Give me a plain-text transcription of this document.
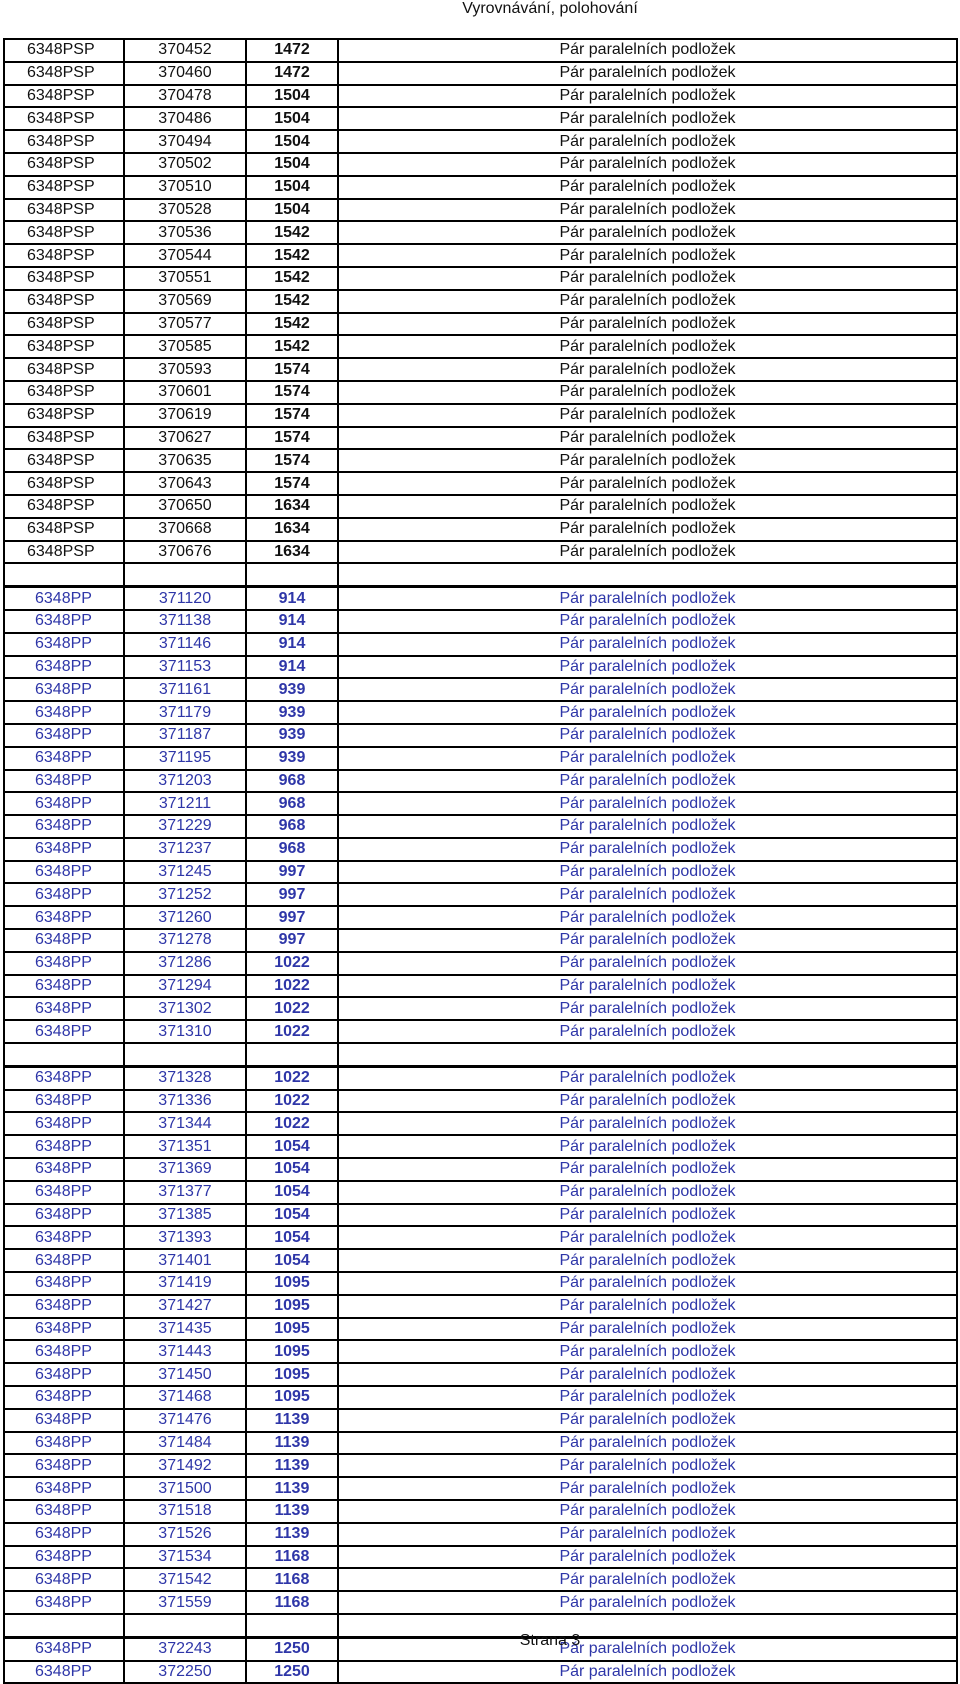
Vyrovnávání, polohování
6348PSP	370452	1472	Pár paralelních podložek
6348PSP	370460	1472	Pár paralelních podložek
6348PSP	370478	1504	Pár paralelních podložek
6348PSP	370486	1504	Pár paralelních podložek
6348PSP	370494	1504	Pár paralelních podložek
6348PSP	370502	1504	Pár paralelních podložek
6348PSP	370510	1504	Pár paralelních podložek
6348PSP	370528	1504	Pár paralelních podložek
6348PSP	370536	1542	Pár paralelních podložek
6348PSP	370544	1542	Pár paralelních podložek
6348PSP	370551	1542	Pár paralelních podložek
6348PSP	370569	1542	Pár paralelních podložek
6348PSP	370577	1542	Pár paralelních podložek
6348PSP	370585	1542	Pár paralelních podložek
6348PSP	370593	1574	Pár paralelních podložek
6348PSP	370601	1574	Pár paralelních podložek
6348PSP	370619	1574	Pár paralelních podložek
6348PSP	370627	1574	Pár paralelních podložek
6348PSP	370635	1574	Pár paralelních podložek
6348PSP	370643	1574	Pár paralelních podložek
6348PSP	370650	1634	Pár paralelních podložek
6348PSP	370668	1634	Pár paralelních podložek
6348PSP	370676	1634	Pár paralelních podložek

6348PP	371120	914	Pár paralelních podložek
6348PP	371138	914	Pár paralelních podložek
6348PP	371146	914	Pár paralelních podložek
6348PP	371153	914	Pár paralelních podložek
6348PP	371161	939	Pár paralelních podložek
6348PP	371179	939	Pár paralelních podložek
6348PP	371187	939	Pár paralelních podložek
6348PP	371195	939	Pár paralelních podložek
6348PP	371203	968	Pár paralelních podložek
6348PP	371211	968	Pár paralelních podložek
6348PP	371229	968	Pár paralelních podložek
6348PP	371237	968	Pár paralelních podložek
6348PP	371245	997	Pár paralelních podložek
6348PP	371252	997	Pár paralelních podložek
6348PP	371260	997	Pár paralelních podložek
6348PP	371278	997	Pár paralelních podložek
6348PP	371286	1022	Pár paralelních podložek
6348PP	371294	1022	Pár paralelních podložek
6348PP	371302	1022	Pár paralelních podložek
6348PP	371310	1022	Pár paralelních podložek

6348PP	371328	1022	Pár paralelních podložek
6348PP	371336	1022	Pár paralelních podložek
6348PP	371344	1022	Pár paralelních podložek
6348PP	371351	1054	Pár paralelních podložek
6348PP	371369	1054	Pár paralelních podložek
6348PP	371377	1054	Pár paralelních podložek
6348PP	371385	1054	Pár paralelních podložek
6348PP	371393	1054	Pár paralelních podložek
6348PP	371401	1054	Pár paralelních podložek
6348PP	371419	1095	Pár paralelních podložek
6348PP	371427	1095	Pár paralelních podložek
6348PP	371435	1095	Pár paralelních podložek
6348PP	371443	1095	Pár paralelních podložek
6348PP	371450	1095	Pár paralelních podložek
6348PP	371468	1095	Pár paralelních podložek
6348PP	371476	1139	Pár paralelních podložek
6348PP	371484	1139	Pár paralelních podložek
6348PP	371492	1139	Pár paralelních podložek
6348PP	371500	1139	Pár paralelních podložek
6348PP	371518	1139	Pár paralelních podložek
6348PP	371526	1139	Pár paralelních podložek
6348PP	371534	1168	Pár paralelních podložek
6348PP	371542	1168	Pár paralelních podložek
6348PP	371559	1168	Pár paralelních podložek

6348PP	372243	1250	Pár paralelních podložek
6348PP	372250	1250	Pár paralelních podložek
Strana 3
